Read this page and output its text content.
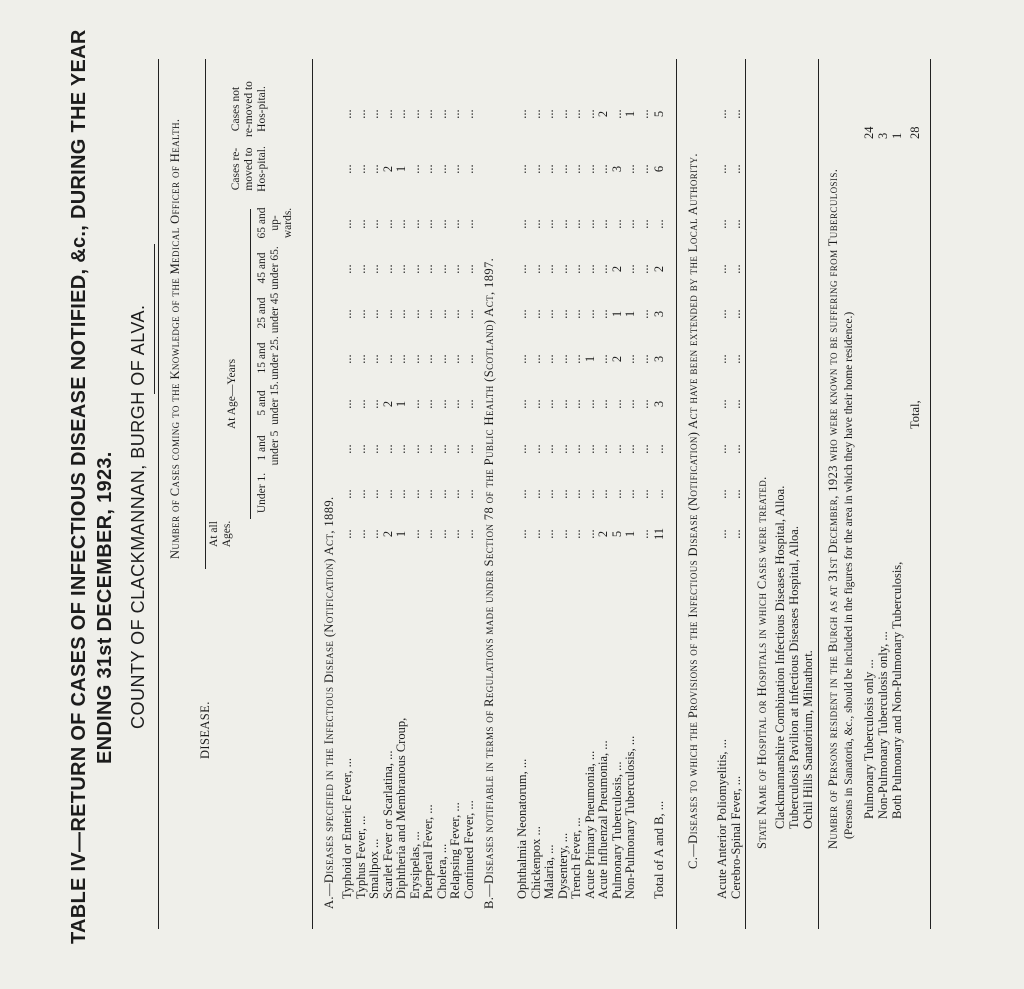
TABLE IV—RETURN OF CASES OF INFECTIOUS DISEASE NOTIFIED, &c., DURING THE YEAR ENDING 31st DECEMBER, 1923. COUNTY OF CLACKMANNAN, BURGH OF ALVA. Number of Cases coming to the Knowledge of the Medical Officer of Health.
DISEASE.
At all Ages.
At Age—Years
Under 1.
1 and under 5
5 and under 15.
15 and under 25.
25 and under 45
45 and under 65.
65 and up-wards.
Cases re-moved to Hos-pital.
Cases not re-moved to Hos-pital.
A.—Diseases specified in the Infectious Disease (Notification) Act, 1889.	B.—Diseases notifiable in terms of Regulations made under Section 78 of the Public Health (Scotland) Act, 1897.
Typhoid or Enteric Fever, ...
...
...
...
...
...
...
...
...
...
...
Typhus Fever, ...
...
...
...
...
...
...
...
...
...
...
Smallpox ...
...
...
...
...
...
...
...
...
...
...
Scarlet Fever or Scarlatina, ...
2
...
...
2
...
...
...
...
2
...
Diphtheria and Membranous Croup,
1
...
...
1
...
...
...
...
1
...
Erysipelas, ...
...
...
...
...
...
...
...
...
...
...
Puerperal Fever, ...
...
...
...
...
...
...
...
...
...
...
Cholera, ...
...
...
...
...
...
...
...
...
...
...
Relapsing Fever, ...
...
...
...
...
...
...
...
...
...
...
Continued Fever, ...
...
...
...
...
...
...
...
...
...
...
Ophthalmia Neonatorum, ...
...
...
...
...
...
...
...
...
...
...
Chickenpox ...
...
...
...
...
...
...
...
...
...
...
Malaria, ...
...
...
...
...
...
...
...
...
...
...
Dysentery, ...
...
...
...
...
...
...
...
...
...
...
Trench Fever, ...
...
...
...
...
...
...
...
...
...
...
Acute Primary Pneumonia, ...
...
...
...
...
1
...
...
...
...
...
Acute Influenzal Pneumonia, ...
2
...
...
...
...
...
...
...
...
2
Pulmonary Tuberculosis, ...
5
...
...
...
2
1
2
...
3
...
Non-Pulmonary Tuberculosis, ...
1
...
...
...
...
1
...
...
...
1
...
...
...
...
...
...
...
...
...
...
Total of A and B, ...
11
...
...
3
3
3
2
...
6
5
C.—Diseases to which the Provisions of the Infectious Disease (Notification) Act have been extended by the Local Authority. Acute Anterior Poliomyelitis, ...
...
...
...
...
...
...
...
...
...
...
Cerebro-Spinal Fever, ...
...
...
...
...
...
...
...
...
...
...
State Name of Hospital or Hospitals in which Cases were treated. Clackmannanshire Combination Infectious Diseases Hospital, Alloa. Tuberculosis Pavilion at Infectious Diseases Hospital, Alloa. Ochil Hills Sanatorium, Milnathort. Number of Persons resident in the Burgh as at 31st December, 1923 who were known to be suffering from Tuberculosis. (Persons in Sanatoria, &c., should be included in the figures for the area in which they have their home residence.) Pulmonary Tuberculosis only ...
24
Non-Pulmonary Tuberculosis only, ...
3
Both Pulmonary and Non-Pulmonary Tuberculosis,
1
Total,
28
